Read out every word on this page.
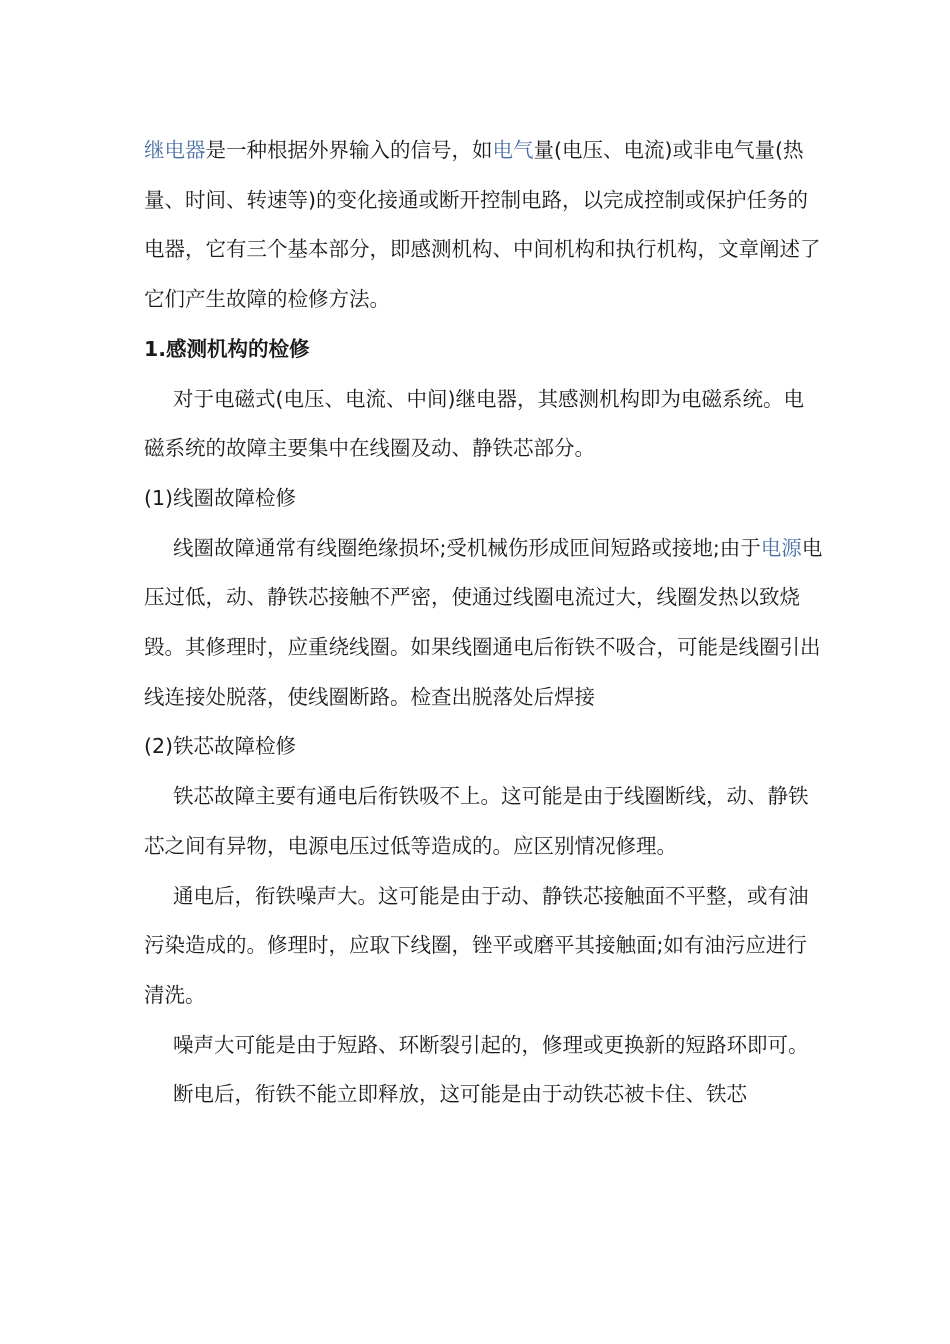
继电器是一种根据外界输入的信号，如电气量(电压、电流)或非电气量(热量、时间、转速等)的变化接通或断开控制电路，以完成控制或保护任务的电器，它有三个基本部分，即感测机构、中间机构和执行机构，文章阐述了它们产生故障的检修方法。

1.感测机构的检修

对于电磁式(电压、电流、中间)继电器，其感测机构即为电磁系统。电磁系统的故障主要集中在线圈及动、静铁芯部分。

(1)线圈故障检修

线圈故障通常有线圈绝缘损坏;受机械伤形成匝间短路或接地;由于电源电压过低，动、静铁芯接触不严密，使通过线圈电流过大，线圈发热以致烧毁。其修理时，应重绕线圈。如果线圈通电后衔铁不吸合，可能是线圈引出线连接处脱落，使线圈断路。检查出脱落处后焊接

(2)铁芯故障检修

铁芯故障主要有通电后衔铁吸不上。这可能是由于线圈断线，动、静铁芯之间有异物，电源电压过低等造成的。应区别情况修理。

通电后，衔铁噪声大。这可能是由于动、静铁芯接触面不平整，或有油污染造成的。修理时，应取下线圈，锉平或磨平其接触面;如有油污应进行清洗。

噪声大可能是由于短路、环断裂引起的，修理或更换新的短路环即可。

断电后，衔铁不能立即释放，这可能是由于动铁芯被卡住、铁芯
